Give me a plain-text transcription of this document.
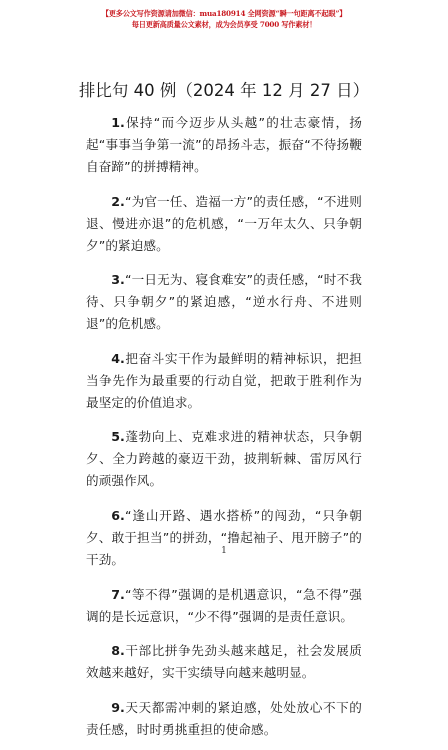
【更多公文写作资源请加微信：mua180914 全网资源“瞬一句距离不起眼”】
每日更新高质量公文素材，成为会员享受 7000 写作素材！
排比句 40 例（2024 年 12 月 27 日）

1.保持“而今迈步从头越”的壮志豪情，扬起“事事当争第一流”的昂扬斗志，振奋“不待扬鞭自奋蹄”的拼搏精神。

2.“为官一任、造福一方”的责任感，“不进则退、慢进亦退”的危机感，“一万年太久、只争朝夕”的紧迫感。

3.“一日无为、寝食难安”的责任感，“时不我待、只争朝夕”的紧迫感，“逆水行舟、不进则退”的危机感。

4.把奋斗实干作为最鲜明的精神标识，把担当争先作为最重要的行动自觉，把敢于胜利作为最坚定的价值追求。

5.蓬勃向上、克难求进的精神状态，只争朝夕、全力跨越的豪迈干劲，披荆斩棘、雷厉风行的顽强作风。

6.“逢山开路、遇水搭桥”的闯劲，“只争朝夕、敢于担当”的拼劲，“撸起袖子、甩开膀子”的干劲。

7.“等不得”强调的是机遇意识，“急不得”强调的是长远意识，“少不得”强调的是责任意识。

8.干部比拼争先劲头越来越足，社会发展质效越来越好，实干实绩导向越来越明显。

9.天天都需冲刺的紧迫感，处处放心不下的责任感，时时勇挑重担的使命感。

1
